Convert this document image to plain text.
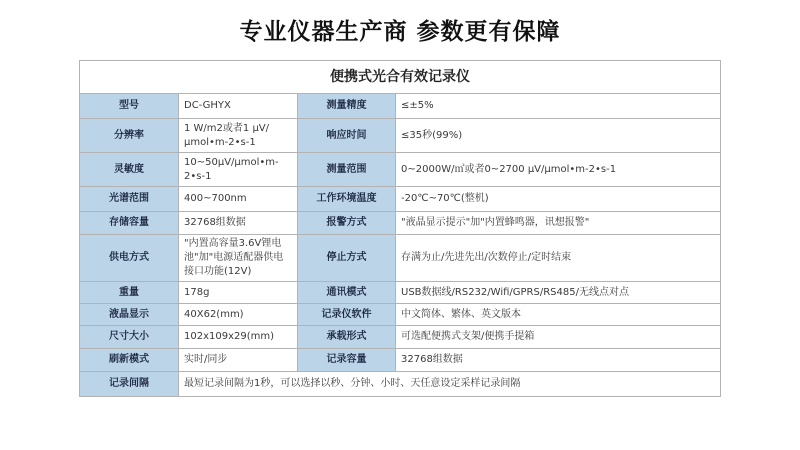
专业仪器生产商 参数更有保障
便携式光合有效记录仪			
型号	DC-GHYX	测量精度	≤±5%
分辨率	1 W/m2或者1 μV/μmol•m-2•s-1	响应时间	≤35秒(99%)
灵敏度	10~50μV/μmol•m-2•s-1	测量范围	0~2000W/㎡或者0~2700 μV/μmol•m-2•s-1
光谱范围	400~700nm	工作环境温度	-20℃~70℃(整机)
存储容量	32768组数据	报警方式	"液晶显示提示"加"内置蜂鸣器，讯想报警"
供电方式	"内置高容量3.6V锂电池"加"电源适配器供电接口功能(12V)	停止方式	存满为止/先进先出/次数停止/定时结束
重量	178g	通讯模式	USB数据线/RS232/Wifi/GPRS/RS485/无线点对点
液晶显示	40X62(mm)	记录仪软件	中文简体、繁体、英文版本
尺寸大小	102x109x29(mm)	承载形式	可选配便携式支架/便携手提箱
刷新模式	实时/同步	记录容量	32768组数据
记录间隔	最短记录间隔为1秒，可以选择以秒、分钟、小时、天任意设定采样记录间隔		
